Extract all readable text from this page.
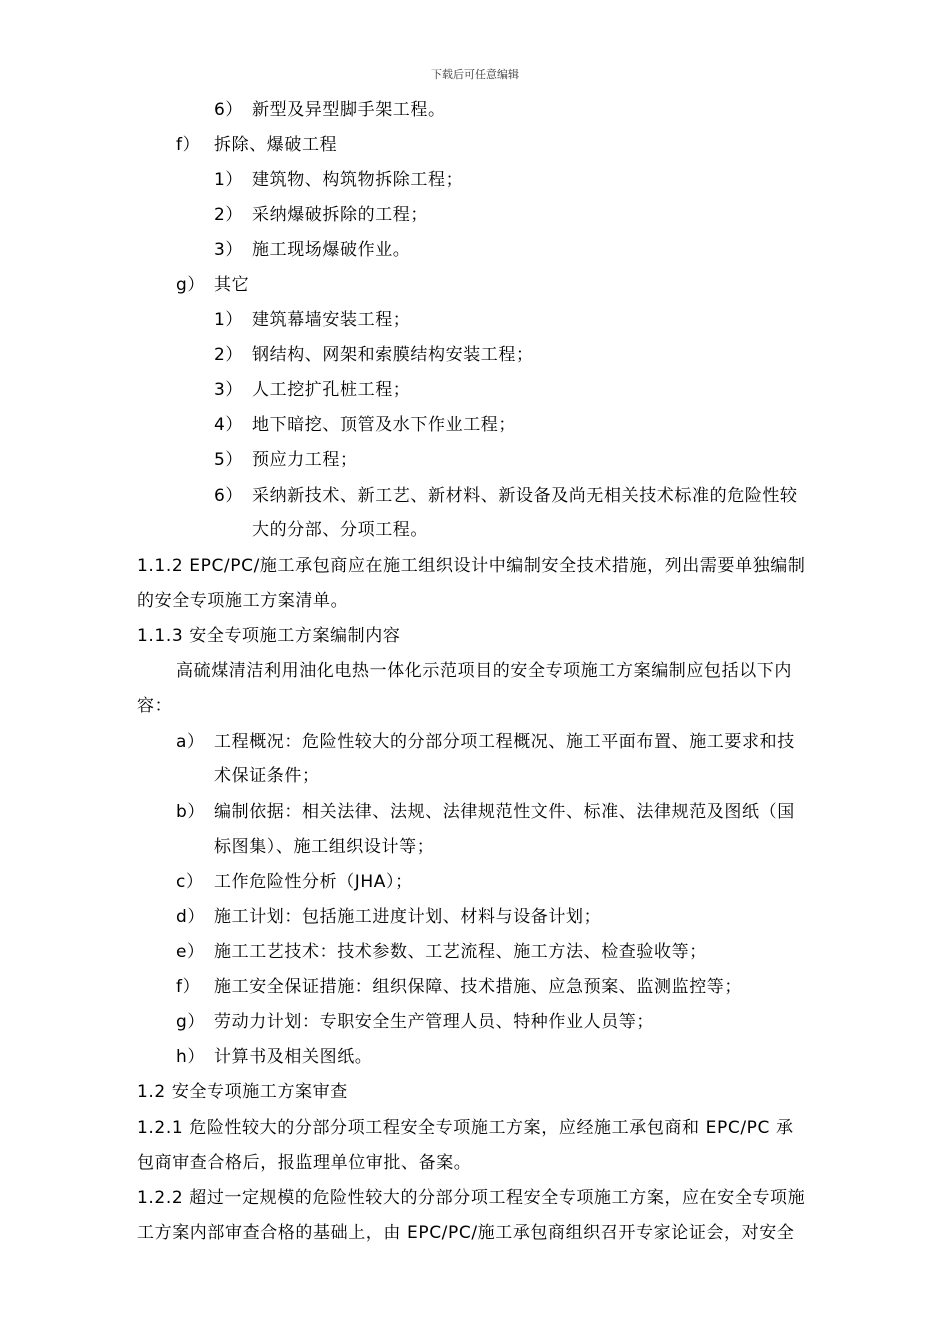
下载后可任意编辑
6） 新型及异型脚手架工程。
f） 拆除、爆破工程
1） 建筑物、构筑物拆除工程；
2） 采纳爆破拆除的工程；
3） 施工现场爆破作业。
g） 其它
1） 建筑幕墙安装工程；
2） 钢结构、网架和索膜结构安装工程；
3） 人工挖扩孔桩工程；
4） 地下暗挖、顶管及水下作业工程；
5） 预应力工程；
6） 采纳新技术、新工艺、新材料、新设备及尚无相关技术标准的危险性较
大的分部、分项工程。
1.1.2 EPC/PC/施工承包商应在施工组织设计中编制安全技术措施，列出需要单独编制
的安全专项施工方案清单。
1.1.3 安全专项施工方案编制内容
高硫煤清洁利用油化电热一体化示范项目的安全专项施工方案编制应包括以下内
容：
a） 工程概况：危险性较大的分部分项工程概况、施工平面布置、施工要求和技
术保证条件；
b） 编制依据：相关法律、法规、法律规范性文件、标准、法律规范及图纸（国
标图集）、施工组织设计等；
c） 工作危险性分析（JHA）；
d） 施工计划：包括施工进度计划、材料与设备计划；
e） 施工工艺技术：技术参数、工艺流程、施工方法、检查验收等；
f） 施工安全保证措施：组织保障、技术措施、应急预案、监测监控等；
g） 劳动力计划：专职安全生产管理人员、特种作业人员等；
h） 计算书及相关图纸。
1.2 安全专项施工方案审查
1.2.1 危险性较大的分部分项工程安全专项施工方案，应经施工承包商和 EPC/PC 承
包商审查合格后，报监理单位审批、备案。
1.2.2 超过一定规模的危险性较大的分部分项工程安全专项施工方案，应在安全专项施
工方案内部审查合格的基础上，由 EPC/PC/施工承包商组织召开专家论证会，对安全
